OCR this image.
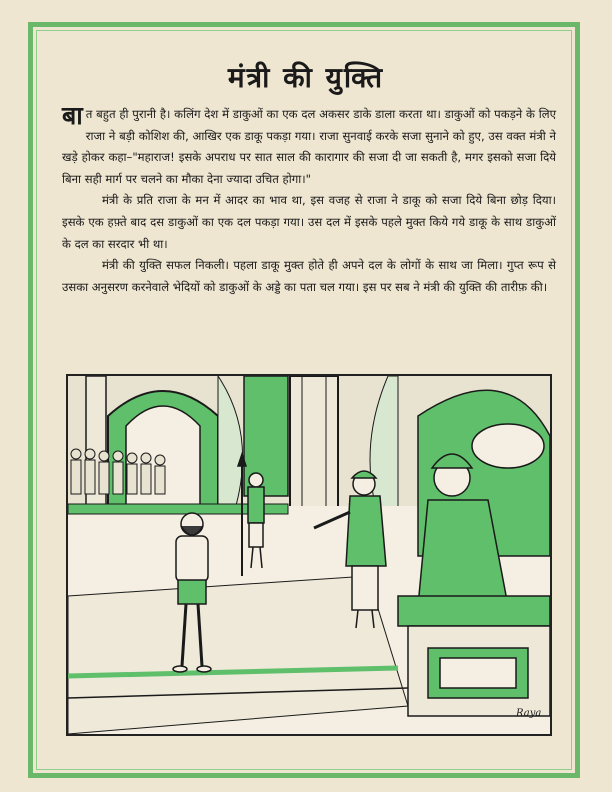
मंत्री की युक्ति

बात बहुत ही पुरानी है। कलिंग देश में डाकुओं का एक दल अकसर डाके डाला करता था। डाकुओं को पकड़ने के लिए राजा ने बड़ी कोशिश की, आखिर एक डाकू पकड़ा गया। राजा सुनवाई करके सजा सुनाने को हुए, उस वक्त मंत्री ने खड़े होकर कहा–"महाराज! इसके अपराध पर सात साल की कारागार की सजा दी जा सकती है, मगर इसको सजा दिये बिना सही मार्ग पर चलने का मौका देना ज्यादा उचित होगा।"

मंत्री के प्रति राजा के मन में आदर का भाव था, इस वजह से राजा ने डाकू को सजा दिये बिना छोड़ दिया। इसके एक हफ़्ते बाद दस डाकुओं का एक दल पकड़ा गया। उस दल में इसके पहले मुक्त किये गये डाकू के साथ डाकुओं के दल का सरदार भी था।

मंत्री की युक्ति सफल निकली। पहला डाकू मुक्त होते ही अपने दल के लोगों के साथ जा मिला। गुप्त रूप से उसका अनुसरण करनेवाले भेदियों को डाकुओं के अड्डे का पता चल गया। इस पर सब ने मंत्री की युक्ति की तारीफ़ की।

Raya
